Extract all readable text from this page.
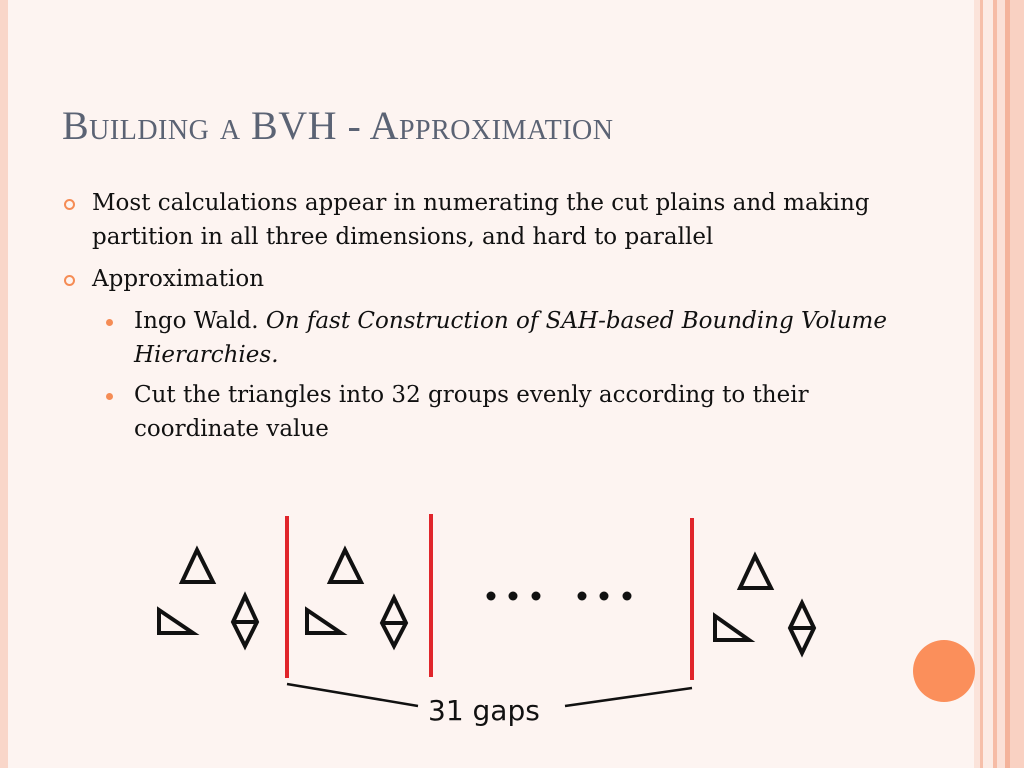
Building a BVH - Approximation
Most calculations appear in numerating the cut plains and making partition in all three dimensions, and hard to parallel
Approximation
Ingo Wald. On fast Construction of SAH-based Bounding Volume Hierarchies.
Cut the triangles into 32 groups evenly according to their coordinate value
31 gaps
